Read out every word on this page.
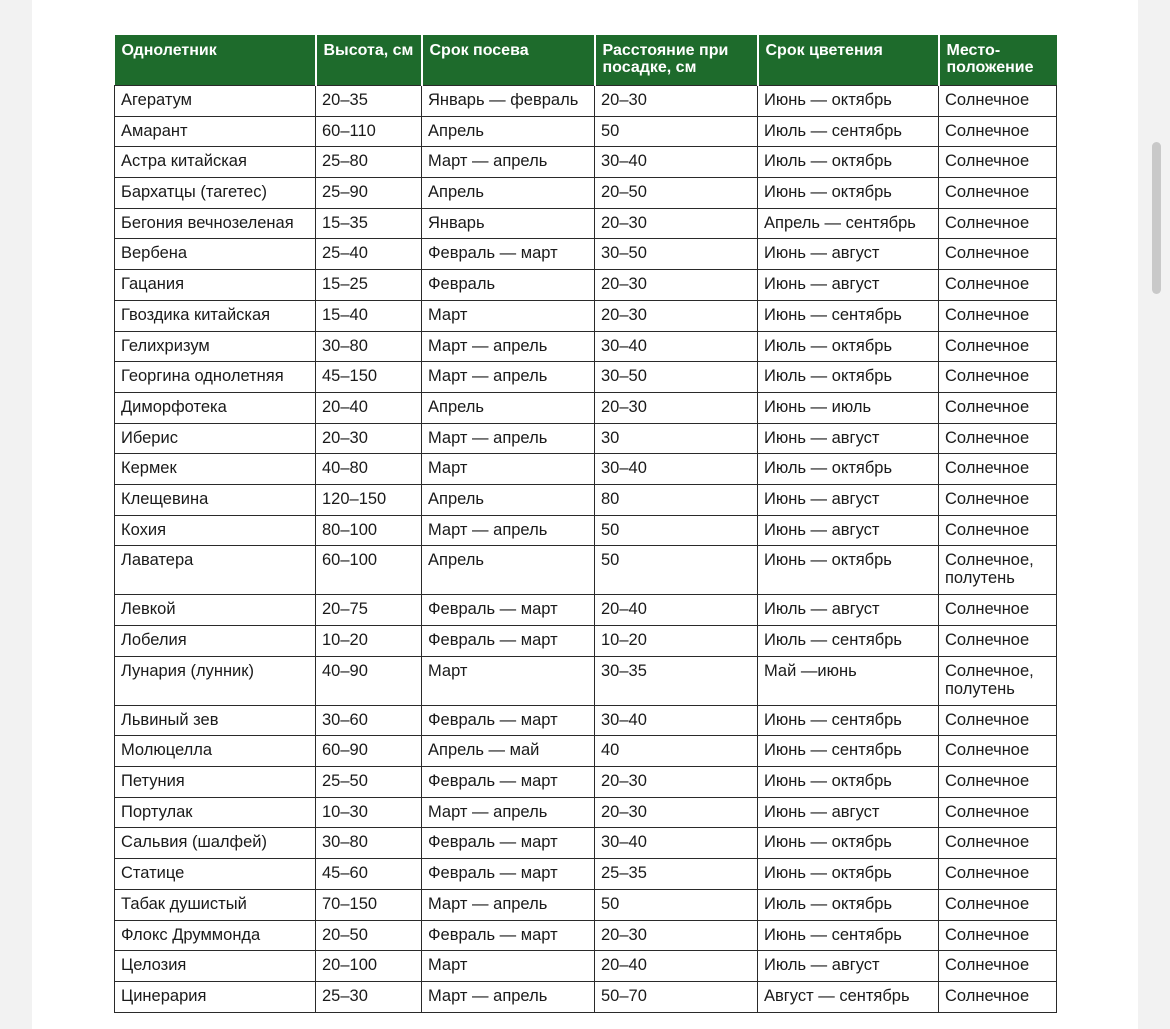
Однолетник	Высота, см	Срок посева	Расстояние при посадке, см	Срок цветения	Место-положение
Агератум	20–35	Январь — февраль	20–30	Июнь — октябрь	Солнечное
Амарант	60–110	Апрель	50	Июль — сентябрь	Солнечное
Астра китайская	25–80	Март — апрель	30–40	Июль — октябрь	Солнечное
Бархатцы (тагетес)	25–90	Апрель	20–50	Июнь — октябрь	Солнечное
Бегония вечнозеленая	15–35	Январь	20–30	Апрель — сентябрь	Солнечное
Вербена	25–40	Февраль — март	30–50	Июнь — август	Солнечное
Гацания	15–25	Февраль	20–30	Июнь — август	Солнечное
Гвоздика китайская	15–40	Март	20–30	Июнь — сентябрь	Солнечное
Гелихризум	30–80	Март — апрель	30–40	Июль — октябрь	Солнечное
Георгина однолетняя	45–150	Март — апрель	30–50	Июль — октябрь	Солнечное
Диморфотека	20–40	Апрель	20–30	Июнь — июль	Солнечное
Иберис	20–30	Март — апрель	30	Июнь — август	Солнечное
Кермек	40–80	Март	30–40	Июль — октябрь	Солнечное
Клещевина	120–150	Апрель	80	Июнь — август	Солнечное
Кохия	80–100	Март — апрель	50	Июнь — август	Солнечное
Лаватера	60–100	Апрель	50	Июнь — октябрь	Солнечное, полутень
Левкой	20–75	Февраль — март	20–40	Июль — август	Солнечное
Лобелия	10–20	Февраль — март	10–20	Июль — сентябрь	Солнечное
Лунария (лунник)	40–90	Март	30–35	Май —июнь	Солнечное, полутень
Львиный зев	30–60	Февраль — март	30–40	Июнь — сентябрь	Солнечное
Молюцелла	60–90	Апрель — май	40	Июнь — сентябрь	Солнечное
Петуния	25–50	Февраль — март	20–30	Июнь — октябрь	Солнечное
Портулак	10–30	Март — апрель	20–30	Июнь — август	Солнечное
Сальвия (шалфей)	30–80	Февраль — март	30–40	Июнь — октябрь	Солнечное
Статице	45–60	Февраль — март	25–35	Июнь — октябрь	Солнечное
Табак душистый	70–150	Март — апрель	50	Июль — октябрь	Солнечное
Флокс Друммонда	20–50	Февраль — март	20–30	Июнь — сентябрь	Солнечное
Целозия	20–100	Март	20–40	Июль — август	Солнечное
Цинерария	25–30	Март — апрель	50–70	Август — сентябрь	Солнечное
